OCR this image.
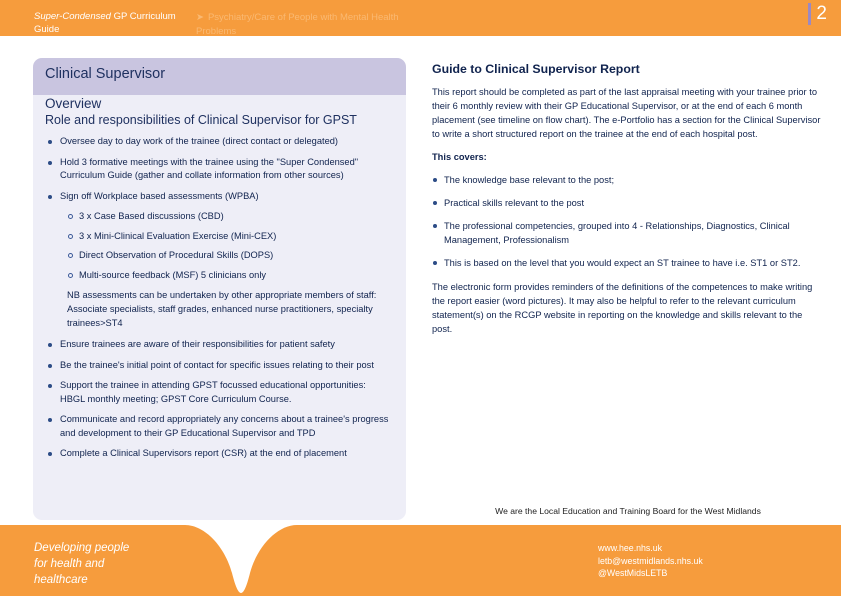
Super-Condensed GP Curriculum Guide
➤ Psychiatry/Care of People with Mental Health Problems
2
Clinical Supervisor
Overview
Role and responsibilities of Clinical Supervisor for GPST
Oversee day to day work of the trainee (direct contact or delegated)
Hold 3 formative meetings with the trainee using the "Super Condensed" Curriculum Guide (gather and collate information from other sources)
Sign off Workplace based assessments (WPBA)
3 x Case Based discussions (CBD)
3 x Mini-Clinical Evaluation Exercise (Mini-CEX)
Direct Observation of Procedural Skills (DOPS)
Multi-source feedback (MSF) 5 clinicians only
NB assessments can be undertaken by other appropriate members of staff: Associate specialists, staff grades, enhanced nurse practitioners, specialty trainees>ST4
Ensure trainees are aware of their responsibilities for patient safety
Be the trainee's initial point of contact for specific issues relating to their post
Support the trainee in attending GPST focussed educational opportunities: HBGL monthly meeting; GPST Core Curriculum Course.
Communicate and record appropriately any concerns about a trainee's progress and development to their GP Educational Supervisor and TPD
Complete a Clinical Supervisors report (CSR) at the end of placement
Guide to Clinical Supervisor Report
This report should be completed as part of the last appraisal meeting with your trainee prior to their 6 monthly review with their GP Educational Supervisor, or at the end of each 6 month placement (see timeline on flow chart). The e-Portfolio has a section for the Clinical Supervisor to write a short structured report on the trainee at the end of each hospital post.
This covers:
The knowledge base relevant to the post;
Practical skills relevant to the post
The professional competencies, grouped into 4 - Relationships, Diagnostics, Clinical Management, Professionalism
This is based on the level that you would expect an ST trainee to have i.e. ST1 or ST2.
The electronic form provides reminders of the definitions of the competences to make writing the report easier (word pictures). It may also be helpful to refer to the relevant curriculum statement(s) on the RCGP website in reporting on the knowledge and skills relevant to the post.
We are the Local Education and Training Board for the West Midlands
Developing people
for health and
healthcare
www.hee.nhs.uk
letb@westmidlands.nhs.uk
@WestMidsLETB
